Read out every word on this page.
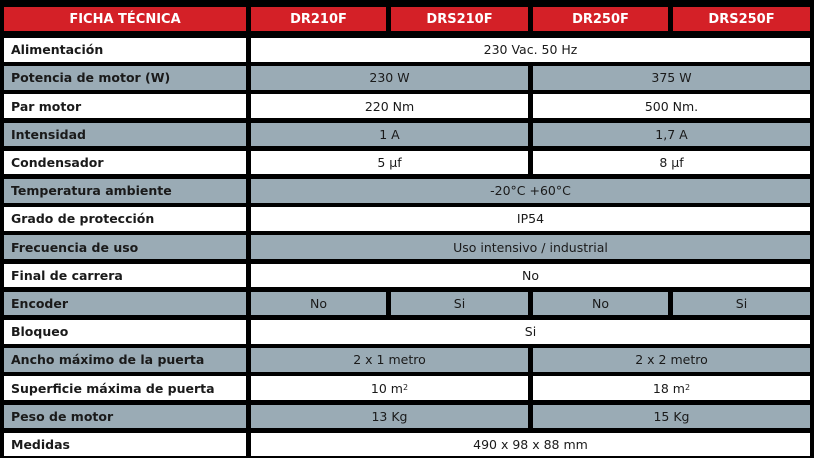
FICHA TÉCNICA	DR210F	DRS210F	DR250F	DRS250F
Alimentación	230 Vac. 50 Hz
Potencia de motor (W)	230 W	375 W
Par motor	220 Nm	500 Nm.
Intensidad	1 A	1,7 A
Condensador	5 μf	8 μf
Temperatura ambiente	-20°C +60°C
Grado de protección	IP54
Frecuencia de uso	Uso intensivo / industrial
Final de carrera	No
Encoder	No	Si	No	Si
Bloqueo	Si
Ancho máximo de la puerta	2 x 1 metro	2 x 2 metro
Superficie máxima de puerta	10 m 2	18 m 2
Peso de motor	13 Kg	15 Kg
Medidas	490 x 98 x 88 mm
